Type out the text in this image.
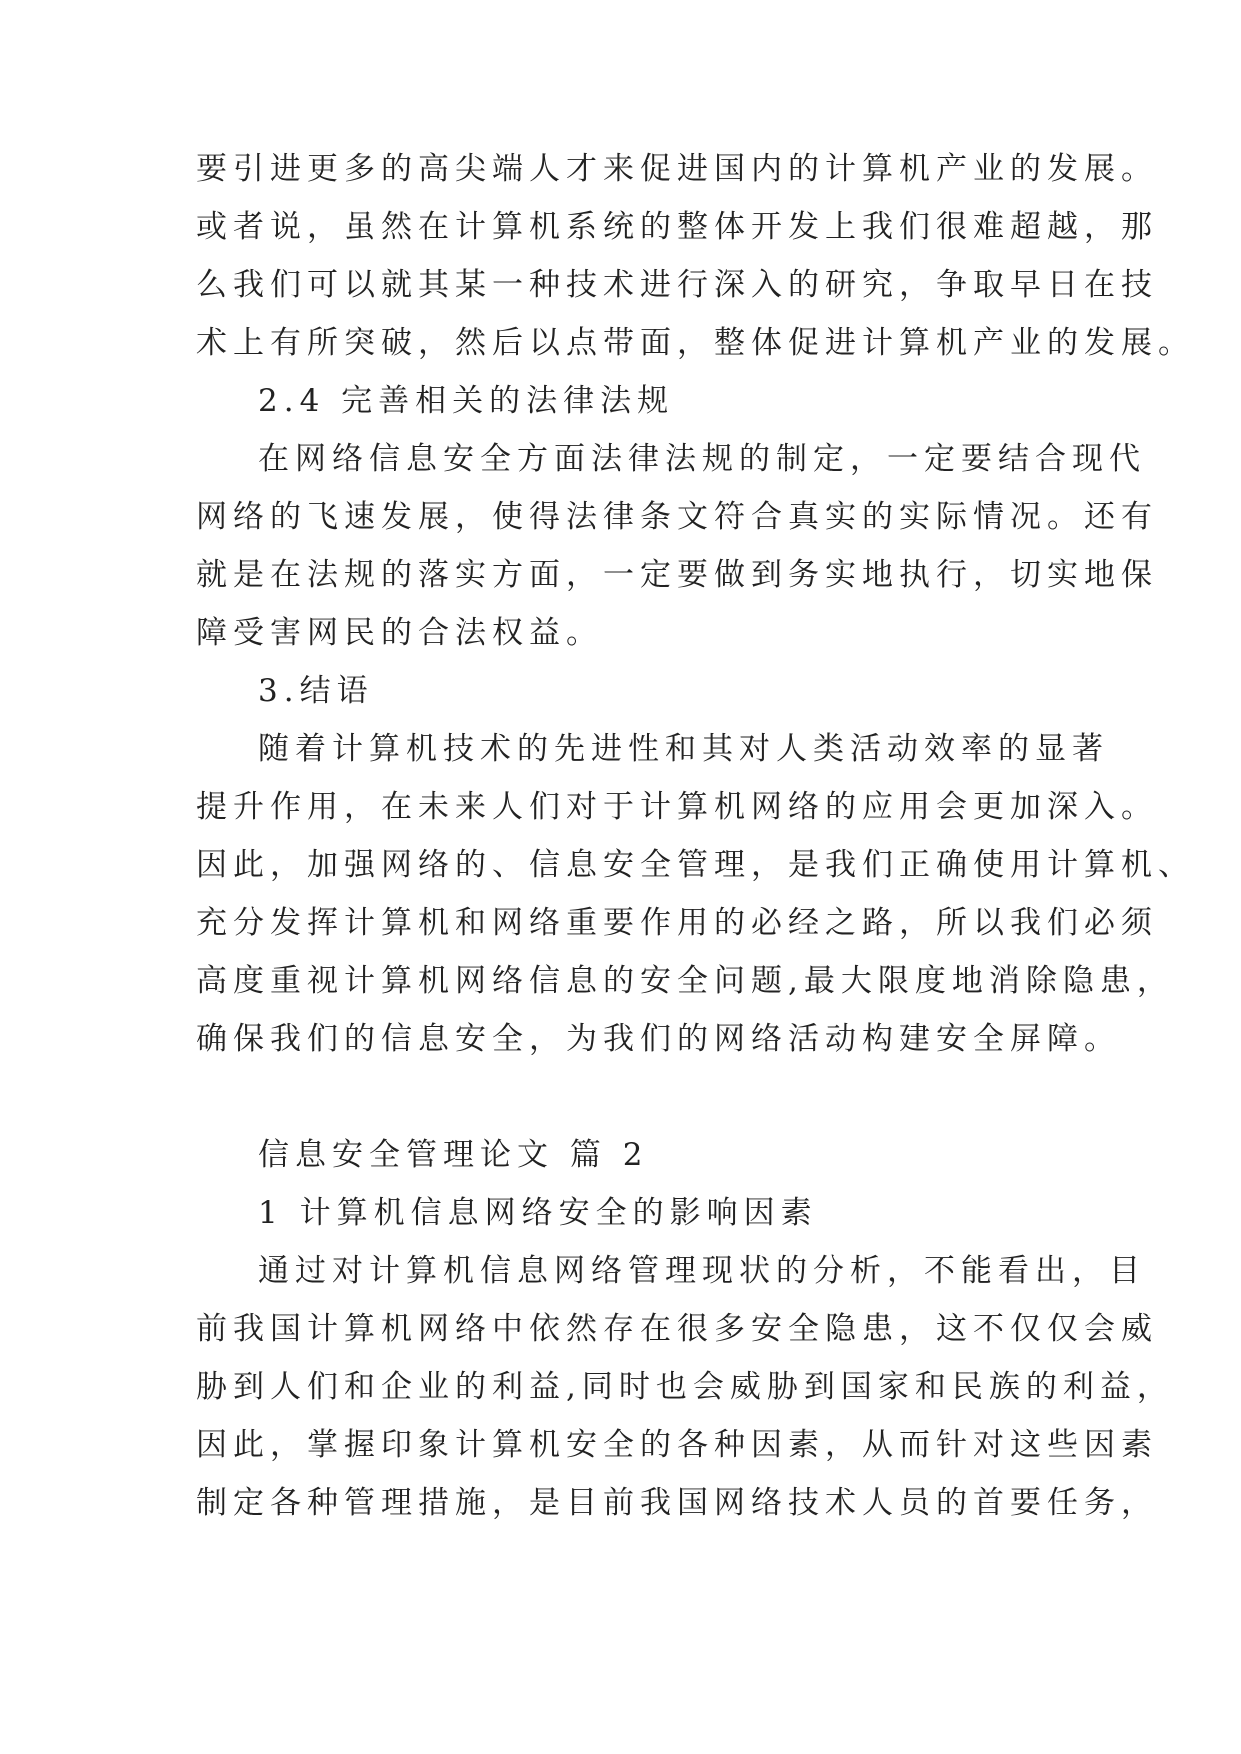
要引进更多的高尖端人才来促进国内的计算机产业的发展。
或者说，虽然在计算机系统的整体开发上我们很难超越，那
么我们可以就其某一种技术进行深入的研究，争取早日在技
术上有所突破，然后以点带面，整体促进计算机产业的发展。
2.4 完善相关的法律法规
在网络信息安全方面法律法规的制定，一定要结合现代
网络的飞速发展，使得法律条文符合真实的实际情况。还有
就是在法规的落实方面，一定要做到务实地执行，切实地保
障受害网民的合法权益。
3.结语
随着计算机技术的先进性和其对人类活动效率的显著
提升作用，在未来人们对于计算机网络的应用会更加深入。
因此，加强网络的、信息安全管理，是我们正确使用计算机、
充分发挥计算机和网络重要作用的必经之路，所以我们必须
高度重视计算机网络信息的安全问题,最大限度地消除隐患，
确保我们的信息安全，为我们的网络活动构建安全屏障。
信息安全管理论文 篇 2
1 计算机信息网络安全的影响因素
通过对计算机信息网络管理现状的分析，不能看出，目
前我国计算机网络中依然存在很多安全隐患，这不仅仅会威
胁到人们和企业的利益,同时也会威胁到国家和民族的利益，
因此，掌握印象计算机安全的各种因素，从而针对这些因素
制定各种管理措施，是目前我国网络技术人员的首要任务，
